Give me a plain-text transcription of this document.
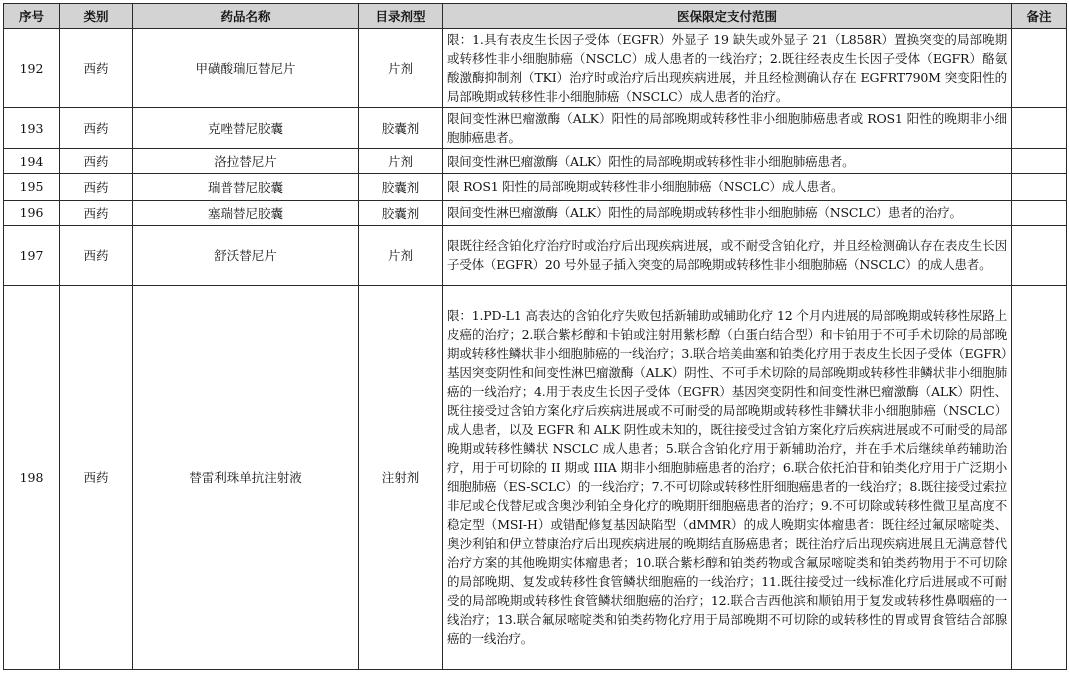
序号	类别	药品名称	目录剂型	医保限定支付范围	备注
192	西药	甲磺酸瑞厄替尼片	片剂	限：1.具有表皮生长因子受体（EGFR）外显子 19 缺失或外显子 21（L858R）置换突变的局部晚期或转移性非小细胞肺癌（NSCLC）成人患者的一线治疗；2.既往经表皮生长因子受体（EGFR）酪氨酸激酶抑制剂（TKI）治疗时或治疗后出现疾病进展，并且经检测确认存在 EGFRT790M 突变阳性的局部晚期或转移性非小细胞肺癌（NSCLC）成人患者的治疗。	
193	西药	克唑替尼胶囊	胶囊剂	限间变性淋巴瘤激酶（ALK）阳性的局部晚期或转移性非小细胞肺癌患者或 ROS1 阳性的晚期非小细胞肺癌患者。	
194	西药	洛拉替尼片	片剂	限间变性淋巴瘤激酶（ALK）阳性的局部晚期或转移性非小细胞肺癌患者。	
195	西药	瑞普替尼胶囊	胶囊剂	限 ROS1 阳性的局部晚期或转移性非小细胞肺癌（NSCLC）成人患者。	
196	西药	塞瑞替尼胶囊	胶囊剂	限间变性淋巴瘤激酶（ALK）阳性的局部晚期或转移性非小细胞肺癌（NSCLC）患者的治疗。	
197	西药	舒沃替尼片	片剂	限既往经含铂化疗治疗时或治疗后出现疾病进展，或不耐受含铂化疗，并且经检测确认存在表皮生长因子受体（EGFR）20 号外显子插入突变的局部晚期或转移性非小细胞肺癌（NSCLC）的成人患者。	
198	西药	替雷利珠单抗注射液	注射剂	限：1.PD-L1 高表达的含铂化疗失败包括新辅助或辅助化疗 12 个月内进展的局部晚期或转移性尿路上皮癌的治疗；2.联合紫杉醇和卡铂或注射用紫杉醇（白蛋白结合型）和卡铂用于不可手术切除的局部晚期或转移性鳞状非小细胞肺癌的一线治疗；3.联合培美曲塞和铂类化疗用于表皮生长因子受体（EGFR）基因突变阴性和间变性淋巴瘤激酶（ALK）阴性、不可手术切除的局部晚期或转移性非鳞状非小细胞肺癌的一线治疗；4.用于表皮生长因子受体（EGFR）基因突变阴性和间变性淋巴瘤激酶（ALK）阴性、既往接受过含铂方案化疗后疾病进展或不可耐受的局部晚期或转移性非鳞状非小细胞肺癌（NSCLC）成人患者，以及 EGFR 和 ALK 阴性或未知的，既往接受过含铂方案化疗后疾病进展或不可耐受的局部晚期或转移性鳞状 NSCLC 成人患者；5.联合含铂化疗用于新辅助治疗，并在手术后继续单药辅助治疗，用于可切除的 II 期或 IIIA 期非小细胞肺癌患者的治疗；6.联合依托泊苷和铂类化疗用于广泛期小细胞肺癌（ES-SCLC）的一线治疗；7.不可切除或转移性肝细胞癌患者的一线治疗；8.既往接受过索拉非尼或仑伐替尼或含奥沙利铂全身化疗的晚期肝细胞癌患者的治疗；9.不可切除或转移性微卫星高度不稳定型（MSI-H）或错配修复基因缺陷型（dMMR）的成人晚期实体瘤患者：既往经过氟尿嘧啶类、奥沙利铂和伊立替康治疗后出现疾病进展的晚期结直肠癌患者；既往治疗后出现疾病进展且无满意替代治疗方案的其他晚期实体瘤患者；10.联合紫杉醇和铂类药物或含氟尿嘧啶类和铂类药物用于不可切除的局部晚期、复发或转移性食管鳞状细胞癌的一线治疗；11.既往接受过一线标准化疗后进展或不可耐受的局部晚期或转移性食管鳞状细胞癌的治疗；12.联合吉西他滨和顺铂用于复发或转移性鼻咽癌的一线治疗；13.联合氟尿嘧啶类和铂类药物化疗用于局部晚期不可切除的或转移性的胃或胃食管结合部腺癌的一线治疗。	
